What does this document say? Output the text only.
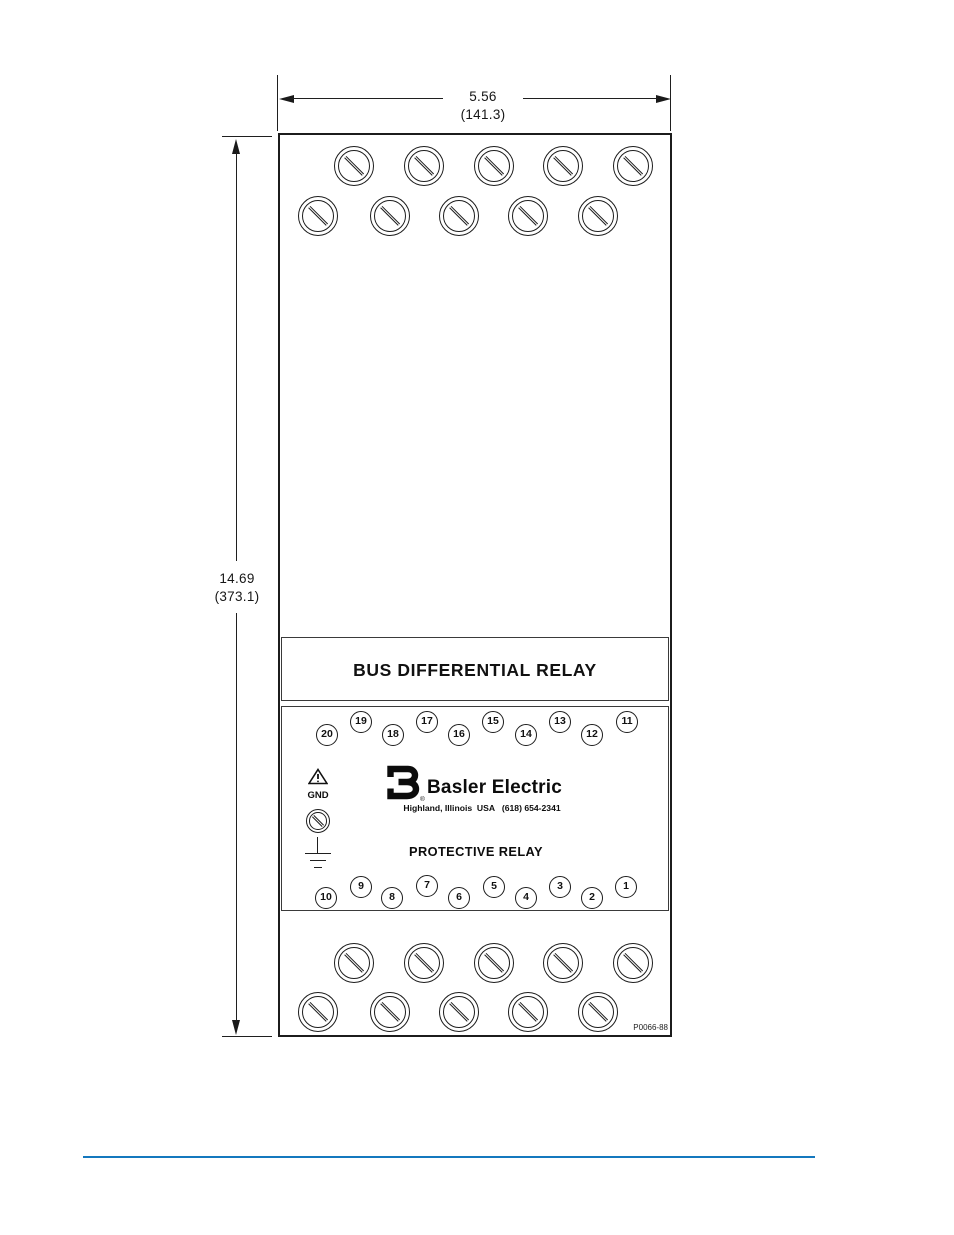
5.56
(141.3)
14.69
(373.1)
BUS DIFFERENTIAL RELAY
20
19
18
17
16
15
14
13
12
11
GND	®
Basler Electric
Highland, Illinois  USA   (618) 654-2341
PROTECTIVE RELAY
10
9
8
7
6
5
4
3
2
1
P0066-88
